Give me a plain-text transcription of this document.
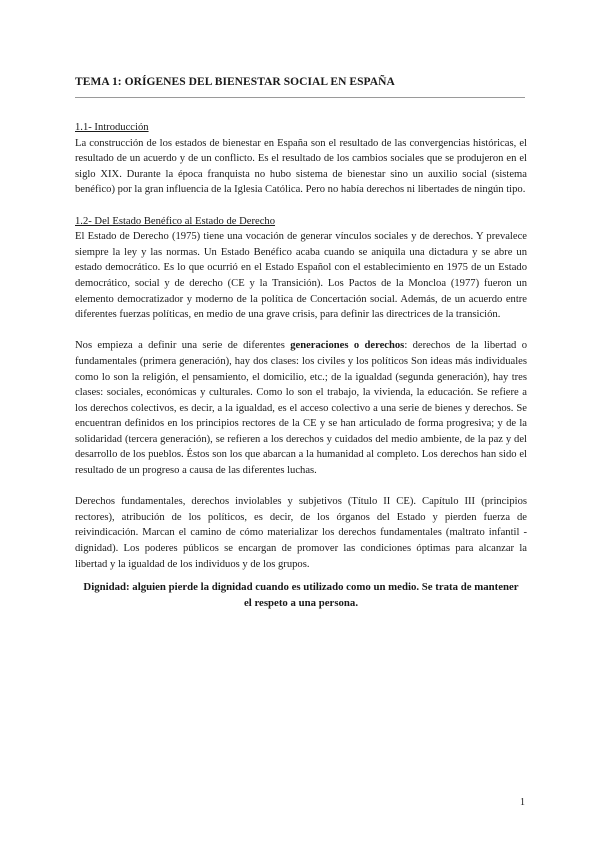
TEMA 1: ORÍGENES DEL BIENESTAR SOCIAL EN ESPAÑA

1.1- Introducción

La construcción de los estados de bienestar en España son el resultado de las convergencias históricas, el resultado de un acuerdo y de un conflicto. Es el resultado de los cambios sociales que se produjeron en el siglo XIX. Durante la época franquista no hubo sistema de bienestar sino un auxilio social (sistema benéfico) por la gran influencia de la Iglesia Católica. Pero no había derechos ni libertades de ningún tipo.

1.2- Del Estado Benéfico al Estado de Derecho

El Estado de Derecho (1975) tiene una vocación de generar vínculos sociales y de derechos. Y prevalece siempre la ley y las normas. Un Estado Benéfico acaba cuando se aniquila una dictadura y se abre un estado democrático. Es lo que ocurrió en el Estado Español con el establecimiento en 1975 de un Estado democrático, social y de derecho (CE y la Transición). Los Pactos de la Moncloa (1977) fueron un elemento democratizador y moderno de la política de Concertación social. Además, de un acuerdo entre diferentes fuerzas políticas, en medio de una grave crisis, para definir las directrices de la transición.

Nos empieza a definir una serie de diferentes generaciones o derechos: derechos de la libertad o fundamentales (primera generación), hay dos clases: los civiles y los políticos Son ideas más individuales como lo son la religión, el pensamiento, el domicilio, etc.; de la igualdad (segunda generación), hay tres clases: sociales, económicas y culturales. Como lo son el trabajo, la vivienda, la educación. Se refiere a los derechos colectivos, es decir, a la igualdad, es el acceso colectivo a una serie de bienes y derechos. Se encuentran definidos en los principios rectores de la CE y se han articulado de forma progresiva; y de la solidaridad (tercera generación), se refieren a los derechos y cuidados del medio ambiente, de la paz y del desarrollo de los pueblos. Éstos son los que abarcan a la humanidad al completo. Los derechos han sido el resultado de un progreso a causa de las diferentes luchas.

Derechos fundamentales, derechos inviolables y subjetivos (Título II CE). Capítulo III (principios rectores), atribución de los políticos, es decir, de los órganos del Estado y pierden fuerza de reivindicación. Marcan el camino de cómo materializar los derechos fundamentales (maltrato infantil - dignidad). Los poderes públicos se encargan de promover las condiciones óptimas para alcanzar la libertad y la igualdad de los individuos y de los grupos.

Dignidad: alguien pierde la dignidad cuando es utilizado como un medio. Se trata de mantener el respeto a una persona.

1
